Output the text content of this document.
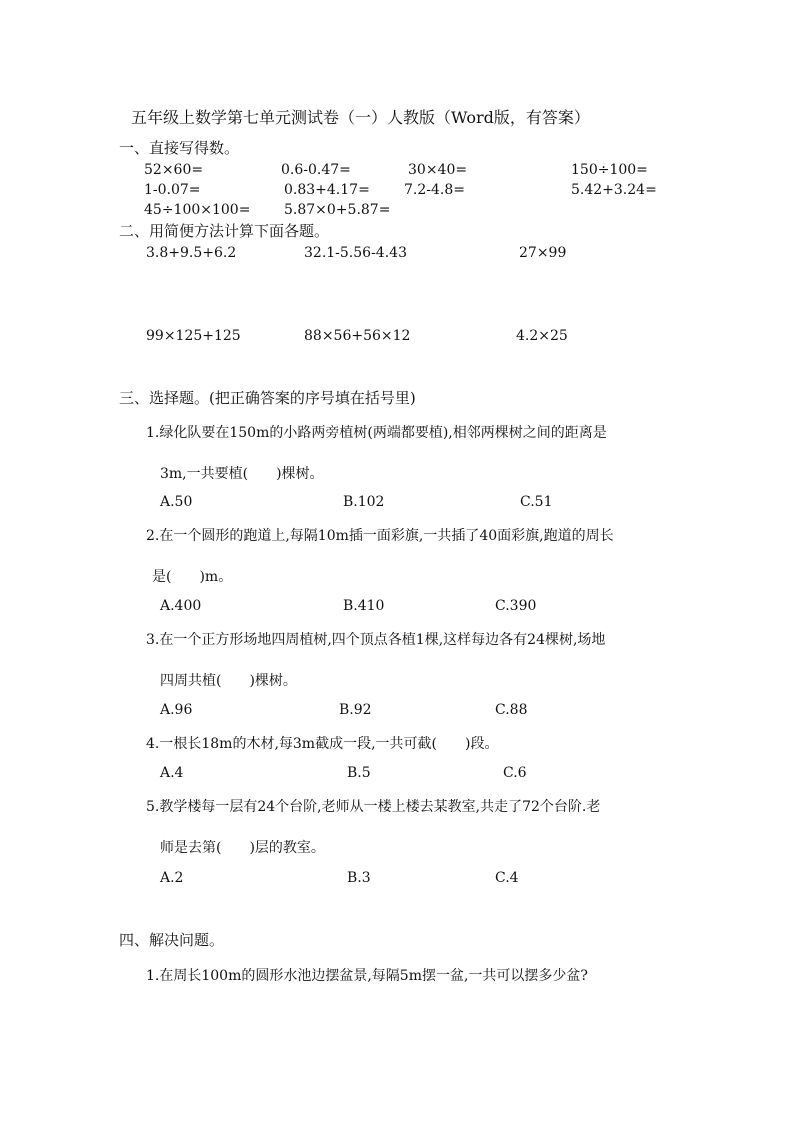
五年级上数学第七单元测试卷（一）人教版（Word版，有答案）
一、直接写得数。
52×60=	0.6-0.47=	30×40=	150÷100=
1-0.07=	0.83+4.17= 7.2-4.8=	5.42+3.24=
45÷100×100= 5.87×0+5.87=
二、用简便方法计算下面各题。
3.8+9.5+6.2	32.1-5.56-4.43	27×99
99×125+125	88×56+56×12	4.2×25
三、选择题。(把正确答案的序号填在括号里)
1.绿化队要在150m的小路两旁植树(两端都要植),相邻两棵树之间的距离是
3m,一共要植(　　)棵树。
A.50	B.102	C.51
2.在一个圆形的跑道上,每隔10m插一面彩旗,一共插了40面彩旗,跑道的周长
是(　　)m。
A.400	B.410	C.390
3.在一个正方形场地四周植树,四个顶点各植1棵,这样每边各有24棵树,场地
四周共植(　　)棵树。
A.96	B.92	C.88
4.一根长18m的木材,每3m截成一段,一共可截(　　)段。
A.4	B.5	C.6
5.教学楼每一层有24个台阶,老师从一楼上楼去某教室,共走了72个台阶.老
师是去第(　　)层的教室。
A.2	B.3	C.4
四、解决问题。
1.在周长100m的圆形水池边摆盆景,每隔5m摆一盆,一共可以摆多少盆?
